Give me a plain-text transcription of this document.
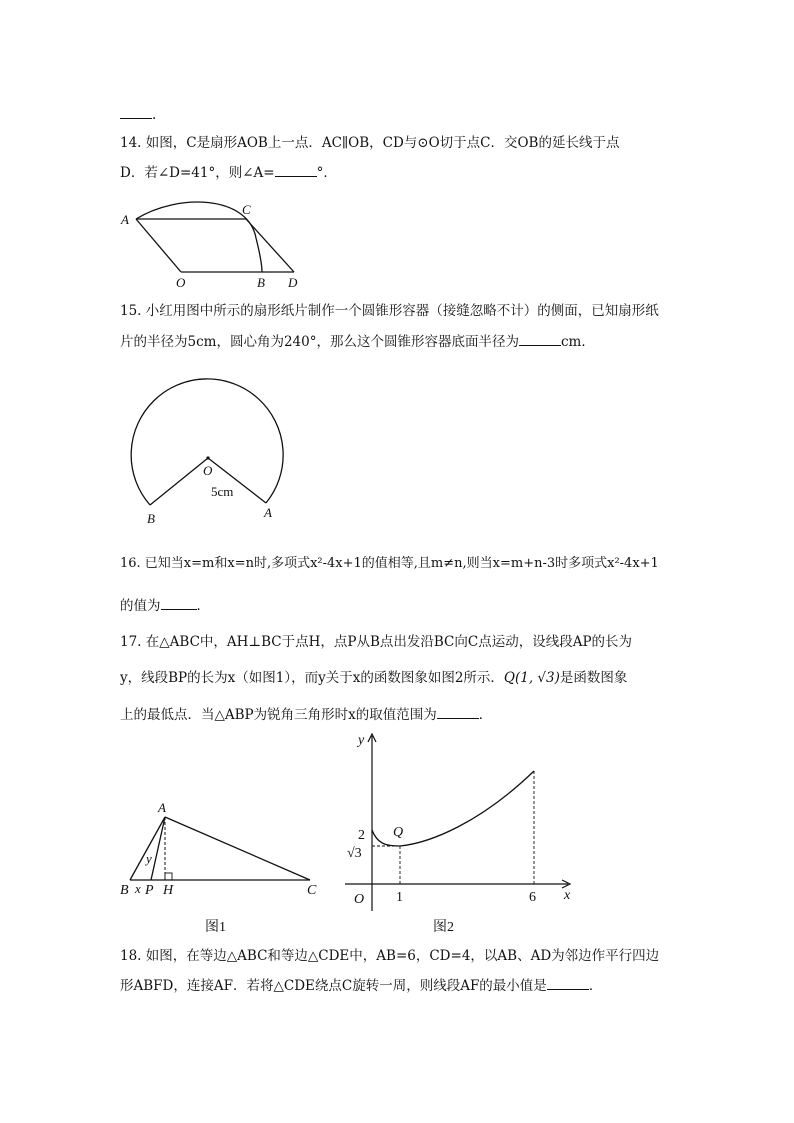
.
14. 如图，C是扇形AOB上一点．AC∥OB，CD与⊙O切于点C．交OB的延长线于点
D．若∠D=41°，则∠A=	°．
A
C
O	B D
15. 小红用图中所示的扇形纸片制作一个圆锥形容器（接缝忽略不计）的侧面，已知扇形纸
片的半径为5cm，圆心角为240°，那么这个圆锥形容器底面半径为	cm．
O
5cm
B	A
16. 已知当x=m和x=n时,多项式x²-4x+1的值相等,且m≠n,则当x=m+n-3时多项式x²-4x+1
的值为	．
17. 在△ABC中，AH⊥BC于点H，点P从B点出发沿BC向C点运动，设线段AP的长为
y，线段BP的长为x（如图1），而y关于x的函数图象如图2所示．Q(1, √3)是函数图象
上的最低点．当△ABP为锐角三角形时x的取值范围为	．
A
y
B x P H	C
图1
y
x
O
2
√3
1	6
Q
图2
18. 如图，在等边△ABC和等边△CDE中，AB=6，CD=4，以AB、AD为邻边作平行四边
形ABFD，连接AF．若将△CDE绕点C旋转一周，则线段AF的最小值是	．
